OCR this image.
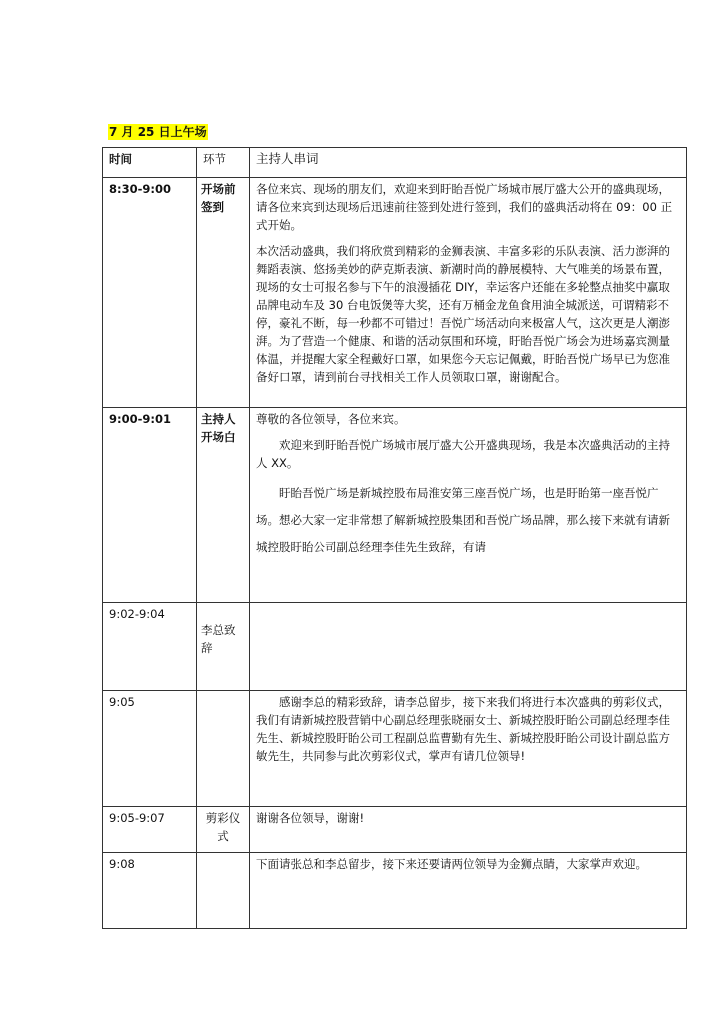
7 月 25 日上午场
时间	环节	主持人串词
8:30-9:00	开场前签到	各位来宾、现场的朋友们，欢迎来到盱眙吾悦广场城市展厅盛大公开的盛典现场，请各位来宾到达现场后迅速前往签到处进行签到，我们的盛典活动将在 09：00 正式开始。

本次活动盛典，我们将欣赏到精彩的金狮表演、丰富多彩的乐队表演、活力澎湃的舞蹈表演、悠扬美妙的萨克斯表演、新潮时尚的静展模特、大气唯美的场景布置，现场的女士可报名参与下午的浪漫插花 DIY，幸运客户还能在多轮整点抽奖中赢取品牌电动车及 30 台电饭煲等大奖，还有万桶金龙鱼食用油全城派送，可谓精彩不停，豪礼不断，每一秒都不可错过！吾悦广场活动向来极富人气，这次更是人潮澎湃。为了营造一个健康、和谐的活动氛围和环境，盱眙吾悦广场会为进场嘉宾测量体温，并提醒大家全程戴好口罩，如果您今天忘记佩戴，盱眙吾悦广场早已为您准备好口罩，请到前台寻找相关工作人员领取口罩，谢谢配合。

9:00-9:01	主持人开场白	尊敬的各位领导，各位来宾。

欢迎来到盱眙吾悦广场城市展厅盛大公开盛典现场，我是本次盛典活动的主持人 XX。

盱眙吾悦广场是新城控股布局淮安第三座吾悦广场，也是盱眙第一座吾悦广场。想必大家一定非常想了解新城控股集团和吾悦广场品牌，那么接下来就有请新城控股盱眙公司副总经理李佳先生致辞，有请

9:02-9:04	李总致辞	
9:05		感谢李总的精彩致辞，请李总留步，接下来我们将进行本次盛典的剪彩仪式，我们有请新城控股营销中心副总经理张晓丽女士、新城控股盱眙公司副总经理李佳先生、新城控股盱眙公司工程副总监曹勤有先生、新城控股盱眙公司设计副总监方敏先生，共同参与此次剪彩仪式，掌声有请几位领导!

9:05-9:07	剪彩仪式	谢谢各位领导，谢谢!

9:08		下面请张总和李总留步，接下来还要请两位领导为金狮点睛，大家掌声欢迎。
